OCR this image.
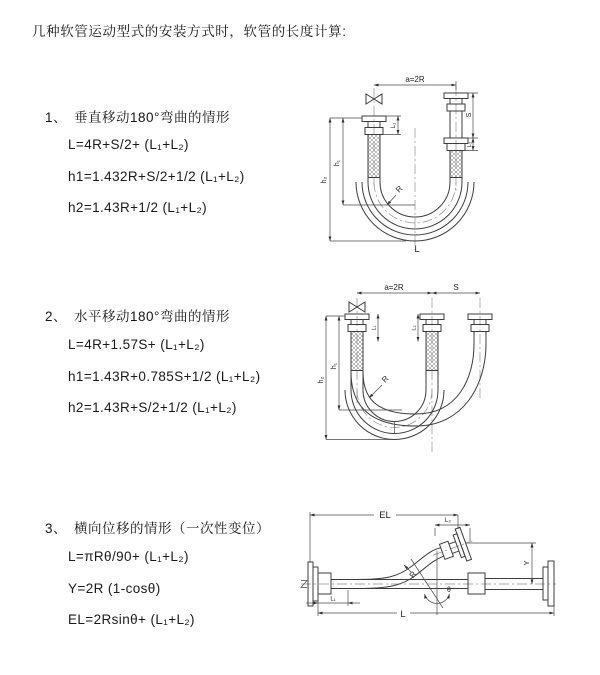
几种软管运动型式的安装方式时，软管的长度计算:
1、 垂直移动180°弯曲的情形
L=4R+S/2+ (L₁+L₂)
h1=1.432R+S/2+1/2 (L₁+L₂)
h2=1.43R+1/2 (L₁+L₂)
a=2R
h₂
h₁
L₁
S
L₂
R
L
2、 水平移动180°弯曲的情形
L=4R+1.57S+ (L₁+L₂)
h1=1.43R+0.785S+1/2 (L₁+L₂)
h2=1.43R+S/2+1/2 (L₁+L₂)
a=2R	S
h₂
h₁
L₁	L₂
R
3、 横向位移的情形（一次性变位）
L=πRθ/90+ (L₁+L₂)
Y=2R (1-cosθ)
EL=2Rsinθ+ (L₁+L₂)
EL	L₂
Y
θ
R
L₁
L
